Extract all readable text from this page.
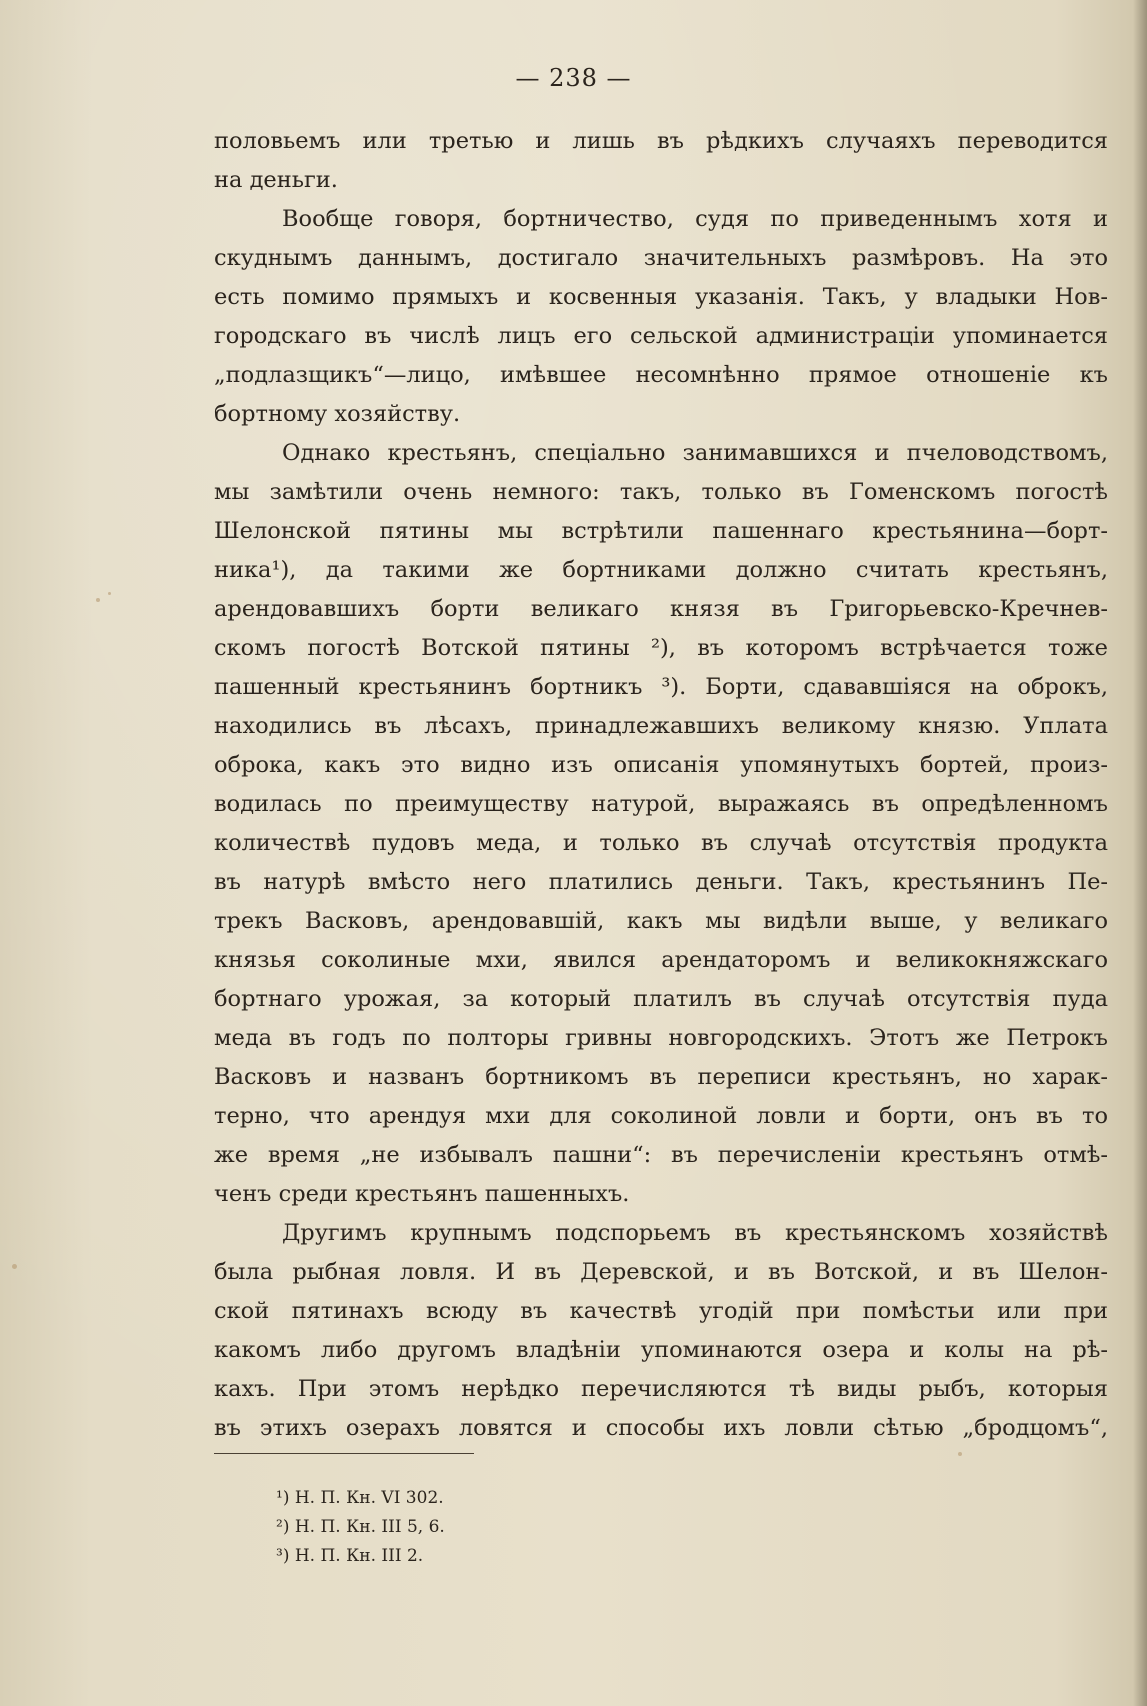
— 238 —
половьемъ или третью и лишь въ рѣдкихъ случаяхъ переводится
на деньги.
Вообще говоря, бортничество, судя по приведеннымъ хотя и
скуднымъ даннымъ, достигало значительныхъ размѣровъ. На это
есть помимо прямыхъ и косвенныя указанія. Такъ, у владыки Нов-
городскаго въ числѣ лицъ его сельской администраціи упоминается
„подлазщикъ“—лицо, имѣвшее несомнѣнно прямое отношеніе къ
бортному хозяйству.
Однако крестьянъ, спеціально занимавшихся и пчеловодствомъ,
мы замѣтили очень немного: такъ, только въ Гоменскомъ погостѣ
Шелонской пятины мы встрѣтили пашеннаго крестьянина—борт-
ника¹), да такими же бортниками должно считать крестьянъ,
арендовавшихъ борти великаго князя въ Григорьевско-Кречнев-
скомъ погостѣ Вотской пятины ²), въ которомъ встрѣчается тоже
пашенный крестьянинъ бортникъ ³). Борти, сдававшіяся на оброкъ,
находились въ лѣсахъ, принадлежавшихъ великому князю. Уплата
оброка, какъ это видно изъ описанія упомянутыхъ бортей, произ-
водилась по преимуществу натурой, выражаясь въ опредѣленномъ
количествѣ пудовъ меда, и только въ случаѣ отсутствія продукта
въ натурѣ вмѣсто него платились деньги. Такъ, крестьянинъ Пе-
трекъ Васковъ, арендовавшій, какъ мы видѣли выше, у великаго
князья соколиные мхи, явился арендаторомъ и великокняжскаго
бортнаго урожая, за который платилъ въ случаѣ отсутствія пуда
меда въ годъ по полторы гривны новгородскихъ. Этотъ же Петрокъ
Васковъ и названъ бортникомъ въ переписи крестьянъ, но харак-
терно, что арендуя мхи для соколиной ловли и борти, онъ въ то
же время „не избывалъ пашни“: въ перечисленіи крестьянъ отмѣ-
ченъ среди крестьянъ пашенныхъ.
Другимъ крупнымъ подспорьемъ въ крестьянскомъ хозяйствѣ
была рыбная ловля. И въ Деревской, и въ Вотской, и въ Шелон-
ской пятинахъ всюду въ качествѣ угодій при помѣстьи или при
какомъ либо другомъ владѣніи упоминаются озера и колы на рѣ-
кахъ. При этомъ нерѣдко перечисляются тѣ виды рыбъ, которыя
въ этихъ озерахъ ловятся и способы ихъ ловли сѣтью „бродцомъ“,
¹) Н. П. Кн. VI 302.
²) Н. П. Кн. III 5, 6.
³) Н. П. Кн. III 2.
